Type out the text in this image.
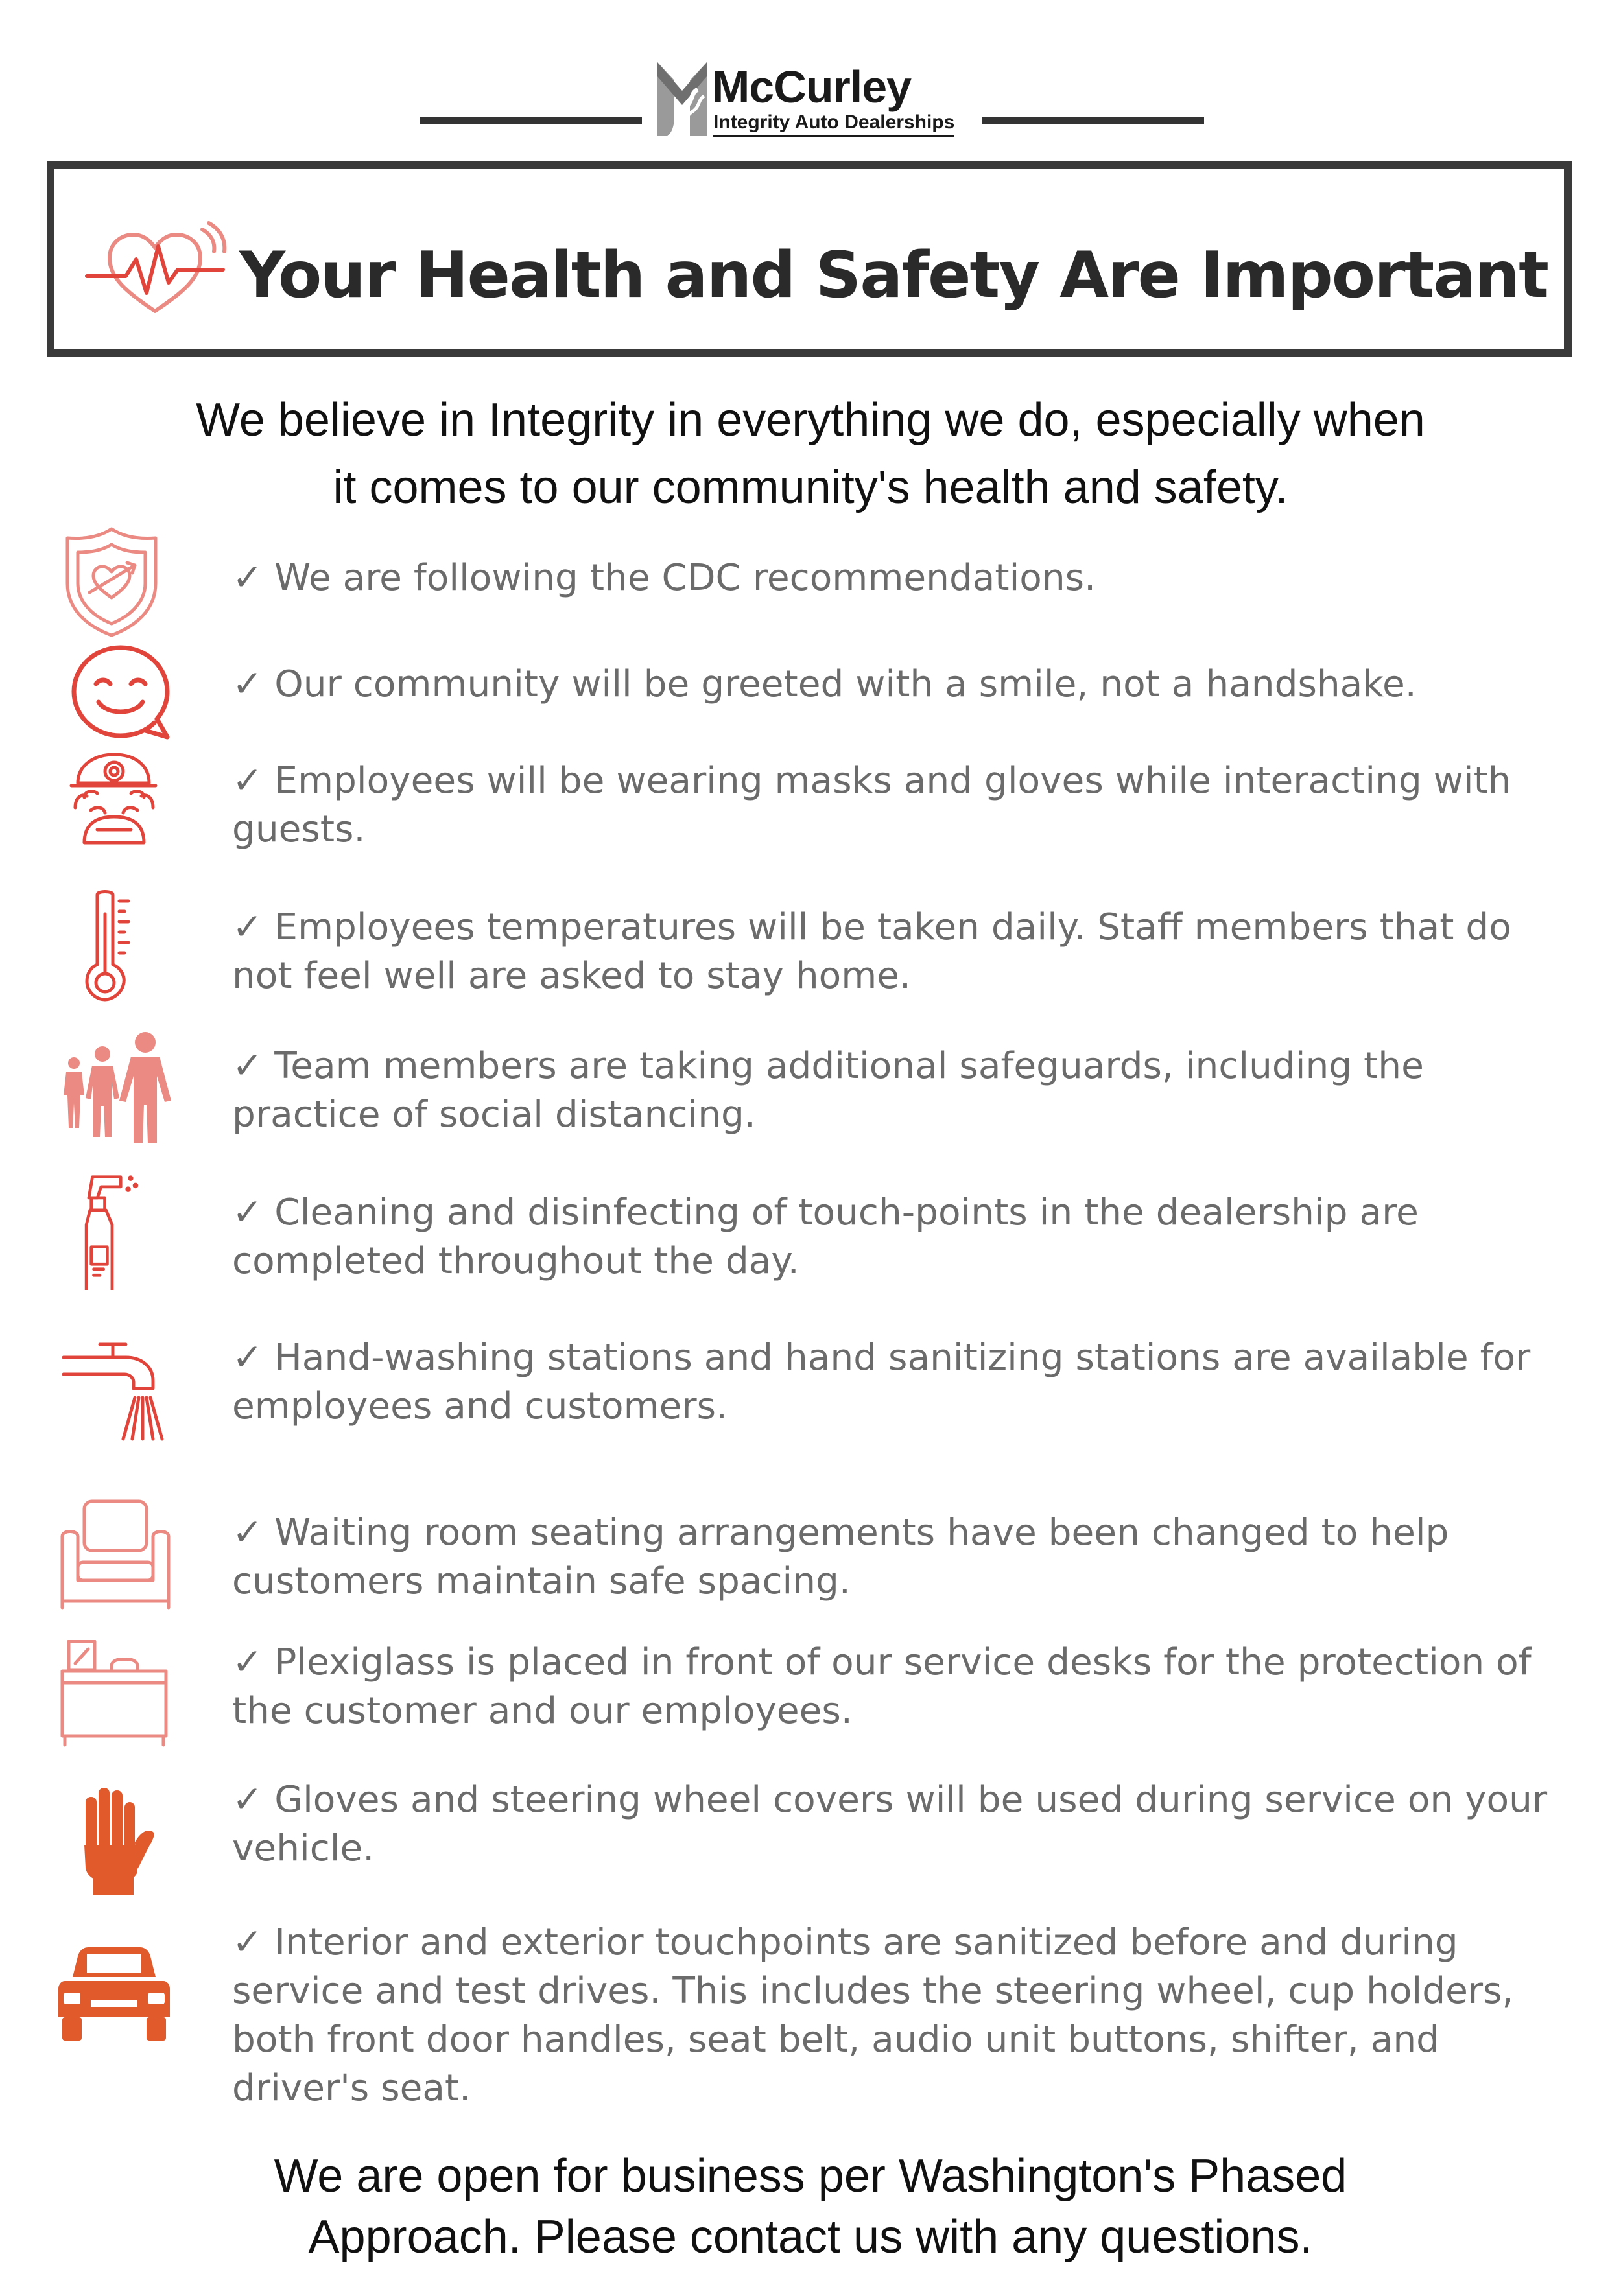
McCurley
Integrity Auto Dealerships
Your Health and Safety Are Important
We believe in Integrity in everything we do, especially when
it comes to our community's health and safety.
✓ We are following the CDC recommendations.
✓ Our community will be greeted with a smile, not a handshake.
✓ Employees will be wearing masks and gloves while interacting with
guests.
✓ Employees temperatures will be taken daily. Staff members that do
not feel well are asked to stay home.
✓ Team members are taking additional safeguards, including the
practice of social distancing.
✓ Cleaning and disinfecting of touch-points in the dealership are
completed throughout the day.
✓ Hand-washing stations and hand sanitizing stations are available for
employees and customers.
✓ Waiting room seating arrangements have been changed to help
customers maintain safe spacing.
✓ Plexiglass is placed in front of our service desks for the protection of
the customer and our employees.
✓ Gloves and steering wheel covers will be used during service on your
vehicle.
✓ Interior and exterior touchpoints are sanitized before and during
service and test drives. This includes the steering wheel, cup holders,
both front door handles, seat belt, audio unit buttons, shifter, and
driver's seat.
We are open for business per Washington's Phased
Approach. Please contact us with any questions.
